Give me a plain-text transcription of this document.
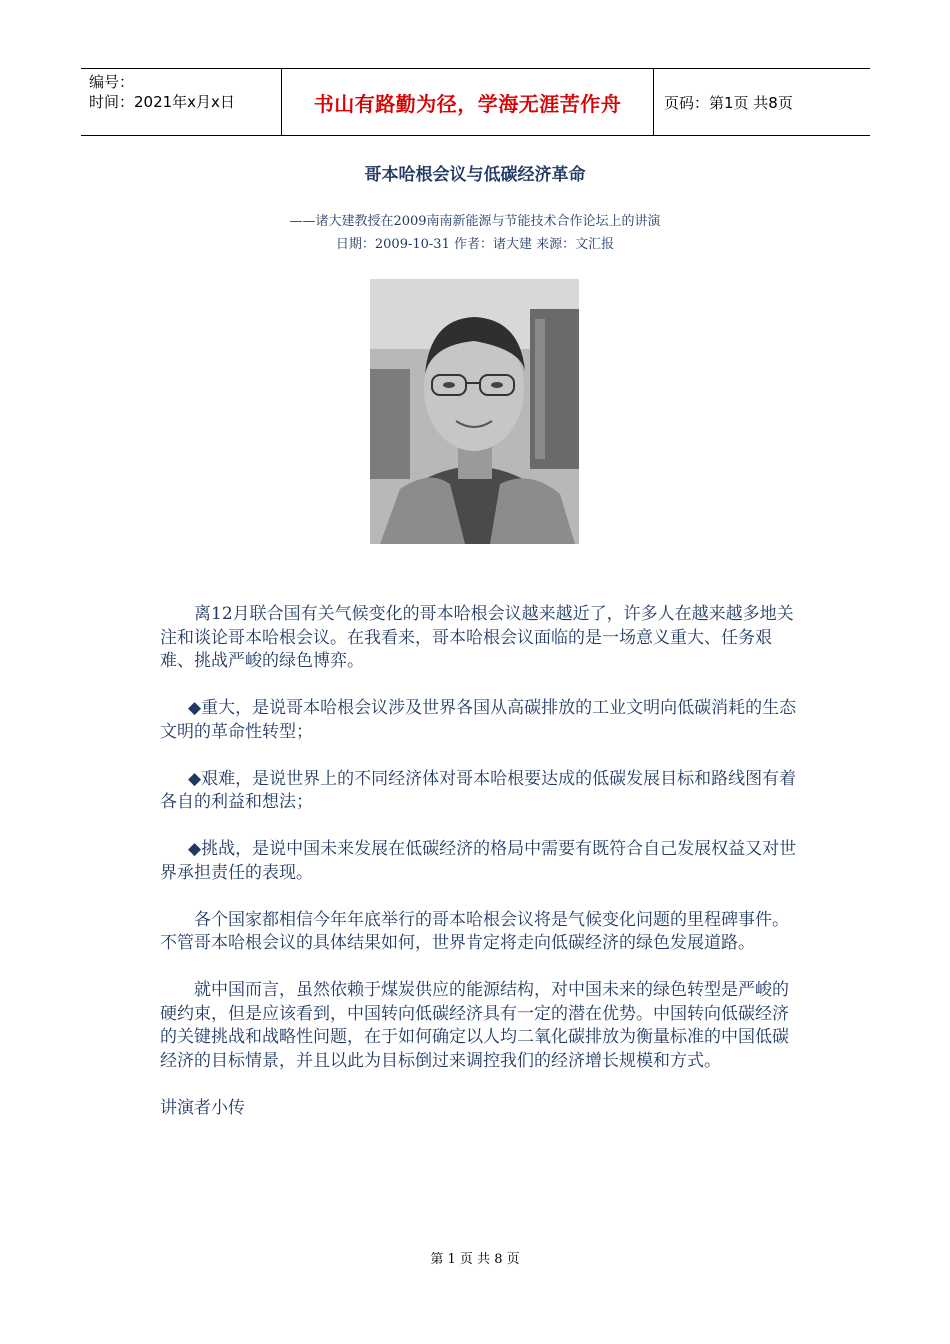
编号：
时间：2021年x月x日	书山有路勤为径，学海无涯苦作舟	页码：第1页 共8页
哥本哈根会议与低碳经济革命
——诸大建教授在2009南南新能源与节能技术合作论坛上的讲演
日期：2009-10-31 作者：诸大建 来源：文汇报

离12月联合国有关气候变化的哥本哈根会议越来越近了，许多人在越来越多地关注和谈论哥本哈根会议。在我看来，哥本哈根会议面临的是一场意义重大、任务艰难、挑战严峻的绿色博弈。

◆重大，是说哥本哈根会议涉及世界各国从高碳排放的工业文明向低碳消耗的生态文明的革命性转型；

◆艰难，是说世界上的不同经济体对哥本哈根要达成的低碳发展目标和路线图有着各自的利益和想法；

◆挑战，是说中国未来发展在低碳经济的格局中需要有既符合自己发展权益又对世界承担责任的表现。

各个国家都相信今年年底举行的哥本哈根会议将是气候变化问题的里程碑事件。不管哥本哈根会议的具体结果如何，世界肯定将走向低碳经济的绿色发展道路。

就中国而言，虽然依赖于煤炭供应的能源结构，对中国未来的绿色转型是严峻的硬约束，但是应该看到，中国转向低碳经济具有一定的潜在优势。中国转向低碳经济的关键挑战和战略性问题，在于如何确定以人均二氧化碳排放为衡量标准的中国低碳经济的目标情景，并且以此为目标倒过来调控我们的经济增长规模和方式。

讲演者小传

第 1 页 共 8 页
